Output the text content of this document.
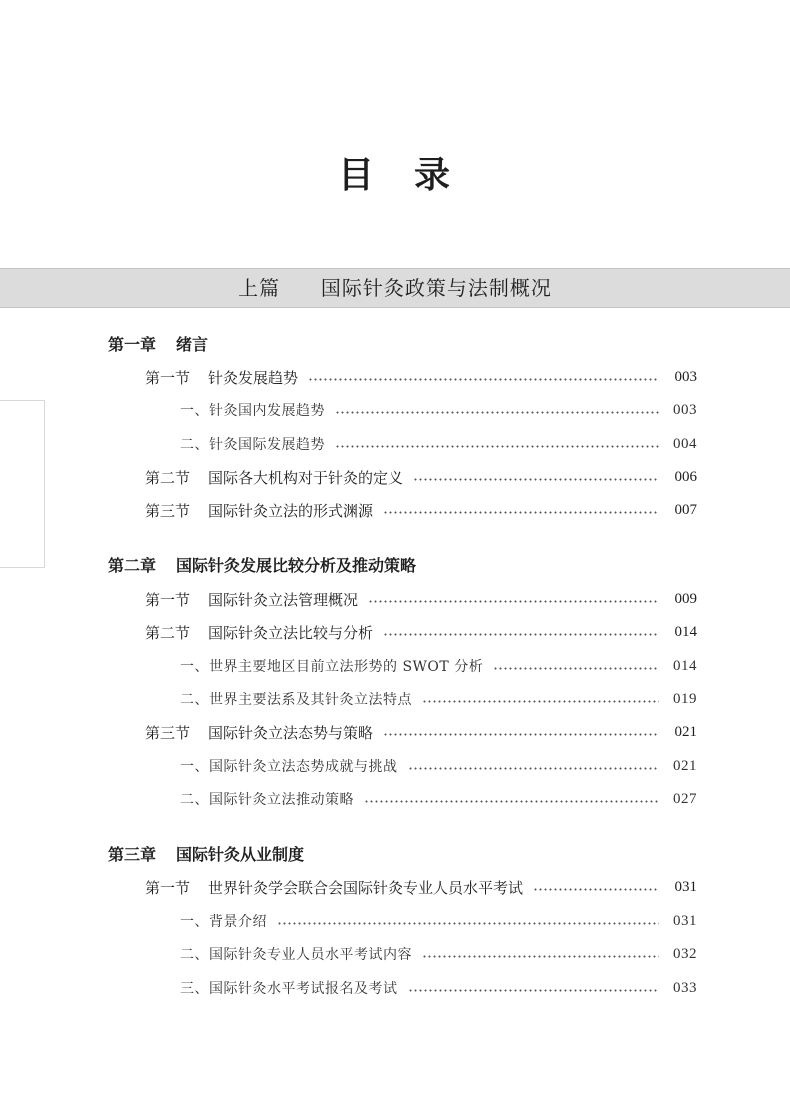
目　录
上篇 国际针灸政策与法制概况
第一章 绪言
第一节 针灸发展趋势	003
一、 针灸国内发展趋势	003
二、 针灸国际发展趋势	004
第二节 国际各大机构对于针灸的定义	006
第三节 国际针灸立法的形式渊源	007
第二章 国际针灸发展比较分析及推动策略
第一节 国际针灸立法管理概况	009
第二节 国际针灸立法比较与分析	014
一、 世界主要地区目前立法形势的 SWOT 分析	014
二、 世界主要法系及其针灸立法特点	019
第三节 国际针灸立法态势与策略	021
一、 国际针灸立法态势成就与挑战	021
二、 国际针灸立法推动策略	027
第三章 国际针灸从业制度
第一节 世界针灸学会联合会国际针灸专业人员水平考试	031
一、 背景介绍	031
二、 国际针灸专业人员水平考试内容	032
三、 国际针灸水平考试报名及考试	033
